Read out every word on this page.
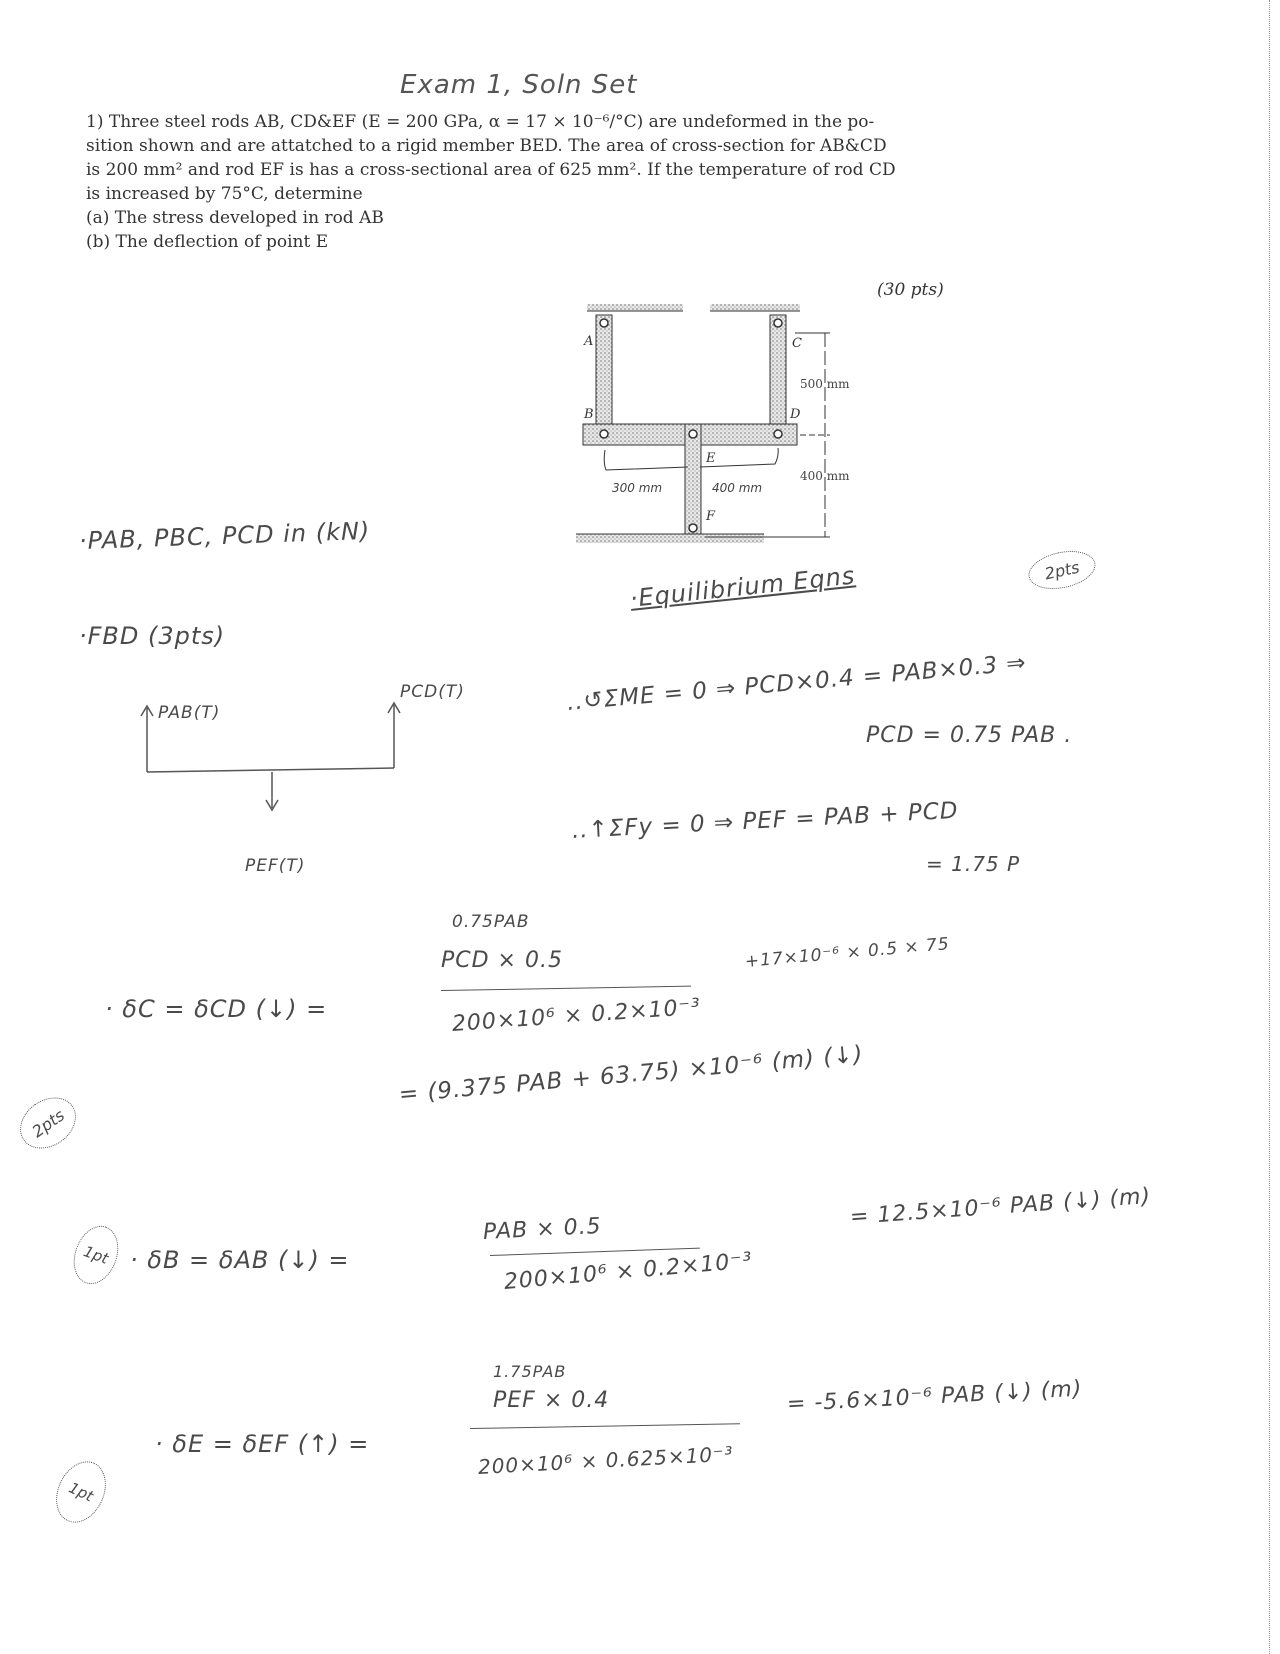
Exam 1, Soln Set

1) Three steel rods AB, CD&EF (E = 200 GPa, α = 17 × 10⁻⁶/°C) are undeformed in the po-

sition shown and are attatched to a rigid member BED. The area of cross-section for AB&CD

is 200 mm² and rod EF is has a cross-sectional area of 625 mm². If the temperature of rod CD

is increased by 75°C, determine

(a) The stress developed in rod AB

(b) The deflection of point E

(30 pts)
A
B
C
D
E
F
500 mm
400 mm
300 mm	400 mm
·PAB, PBC, PCD in (kN)
·FBD (3pts)
PAB(T)
PCD(T)
PEF(T)
·Equilibrium Eqns	2pts
..↺ΣME = 0 ⇒ PCD×0.4 = PAB×0.3 ⇒
PCD = 0.75 PAB .
..↑ΣFy = 0 ⇒ PEF = PAB + PCD
= 1.75 P
· δC = δCD (↓) =
0.75PAB
PCD × 0.5
200×10⁶ × 0.2×10⁻³
+17×10⁻⁶ × 0.5 × 75
= (9.375 PAB + 63.75) ×10⁻⁶ (m) (↓)
2pts
· δB = δAB (↓) =
PAB × 0.5
200×10⁶ × 0.2×10⁻³
= 12.5×10⁻⁶ PAB (↓) (m)
1pt
· δE = δEF (↑) =
1.75PAB
PEF × 0.4
200×10⁶ × 0.625×10⁻³
= -5.6×10⁻⁶ PAB (↓) (m)
1pt
